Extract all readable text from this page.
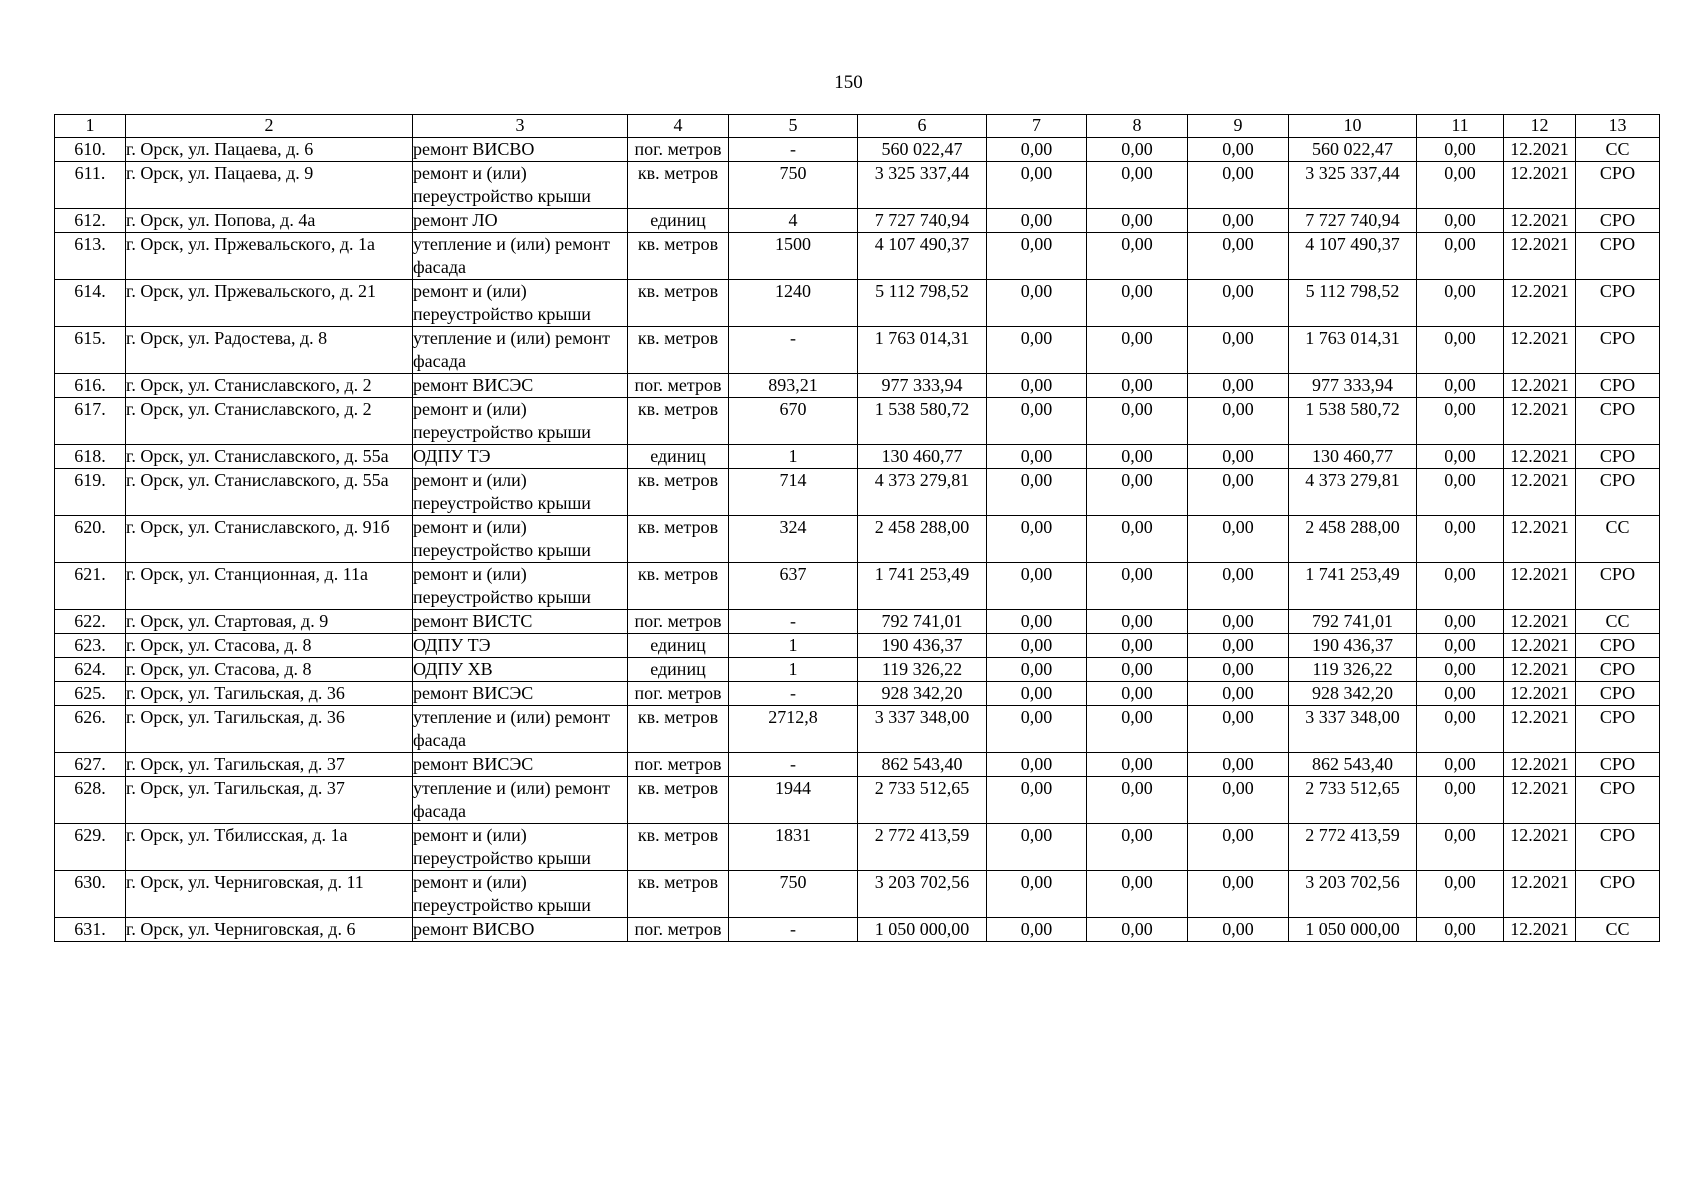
150
1	2	3	4	5	6	7	8	9	10	11	12	13
610.	г. Орск, ул. Пацаева, д. 6	ремонт ВИСВО	пог. метров	-	560 022,47	0,00	0,00	0,00	560 022,47	0,00	12.2021	СС
611.	г. Орск, ул. Пацаева, д. 9	ремонт и (или) переустройство крыши	кв. метров	750	3 325 337,44	0,00	0,00	0,00	3 325 337,44	0,00	12.2021	СРО
612.	г. Орск, ул. Попова, д. 4а	ремонт ЛО	единиц	4	7 727 740,94	0,00	0,00	0,00	7 727 740,94	0,00	12.2021	СРО
613.	г. Орск, ул. Пржевальского, д. 1а	утепление и (или) ремонт фасада	кв. метров	1500	4 107 490,37	0,00	0,00	0,00	4 107 490,37	0,00	12.2021	СРО
614.	г. Орск, ул. Пржевальского, д. 21	ремонт и (или) переустройство крыши	кв. метров	1240	5 112 798,52	0,00	0,00	0,00	5 112 798,52	0,00	12.2021	СРО
615.	г. Орск, ул. Радостева, д. 8	утепление и (или) ремонт фасада	кв. метров	-	1 763 014,31	0,00	0,00	0,00	1 763 014,31	0,00	12.2021	СРО
616.	г. Орск, ул. Станиславского, д. 2	ремонт ВИСЭС	пог. метров	893,21	977 333,94	0,00	0,00	0,00	977 333,94	0,00	12.2021	СРО
617.	г. Орск, ул. Станиславского, д. 2	ремонт и (или) переустройство крыши	кв. метров	670	1 538 580,72	0,00	0,00	0,00	1 538 580,72	0,00	12.2021	СРО
618.	г. Орск, ул. Станиславского, д. 55а	ОДПУ ТЭ	единиц	1	130 460,77	0,00	0,00	0,00	130 460,77	0,00	12.2021	СРО
619.	г. Орск, ул. Станиславского, д. 55а	ремонт и (или) переустройство крыши	кв. метров	714	4 373 279,81	0,00	0,00	0,00	4 373 279,81	0,00	12.2021	СРО
620.	г. Орск, ул. Станиславского, д. 91б	ремонт и (или) переустройство крыши	кв. метров	324	2 458 288,00	0,00	0,00	0,00	2 458 288,00	0,00	12.2021	СС
621.	г. Орск, ул. Станционная, д. 11а	ремонт и (или) переустройство крыши	кв. метров	637	1 741 253,49	0,00	0,00	0,00	1 741 253,49	0,00	12.2021	СРО
622.	г. Орск, ул. Стартовая, д. 9	ремонт ВИСТС	пог. метров	-	792 741,01	0,00	0,00	0,00	792 741,01	0,00	12.2021	СС
623.	г. Орск, ул. Стасова, д. 8	ОДПУ ТЭ	единиц	1	190 436,37	0,00	0,00	0,00	190 436,37	0,00	12.2021	СРО
624.	г. Орск, ул. Стасова, д. 8	ОДПУ ХВ	единиц	1	119 326,22	0,00	0,00	0,00	119 326,22	0,00	12.2021	СРО
625.	г. Орск, ул. Тагильская, д. 36	ремонт ВИСЭС	пог. метров	-	928 342,20	0,00	0,00	0,00	928 342,20	0,00	12.2021	СРО
626.	г. Орск, ул. Тагильская, д. 36	утепление и (или) ремонт фасада	кв. метров	2712,8	3 337 348,00	0,00	0,00	0,00	3 337 348,00	0,00	12.2021	СРО
627.	г. Орск, ул. Тагильская, д. 37	ремонт ВИСЭС	пог. метров	-	862 543,40	0,00	0,00	0,00	862 543,40	0,00	12.2021	СРО
628.	г. Орск, ул. Тагильская, д. 37	утепление и (или) ремонт фасада	кв. метров	1944	2 733 512,65	0,00	0,00	0,00	2 733 512,65	0,00	12.2021	СРО
629.	г. Орск, ул. Тбилисская, д. 1а	ремонт и (или) переустройство крыши	кв. метров	1831	2 772 413,59	0,00	0,00	0,00	2 772 413,59	0,00	12.2021	СРО
630.	г. Орск, ул. Черниговская, д. 11	ремонт и (или) переустройство крыши	кв. метров	750	3 203 702,56	0,00	0,00	0,00	3 203 702,56	0,00	12.2021	СРО
631.	г. Орск, ул. Черниговская, д. 6	ремонт ВИСВО	пог. метров	-	1 050 000,00	0,00	0,00	0,00	1 050 000,00	0,00	12.2021	СС
